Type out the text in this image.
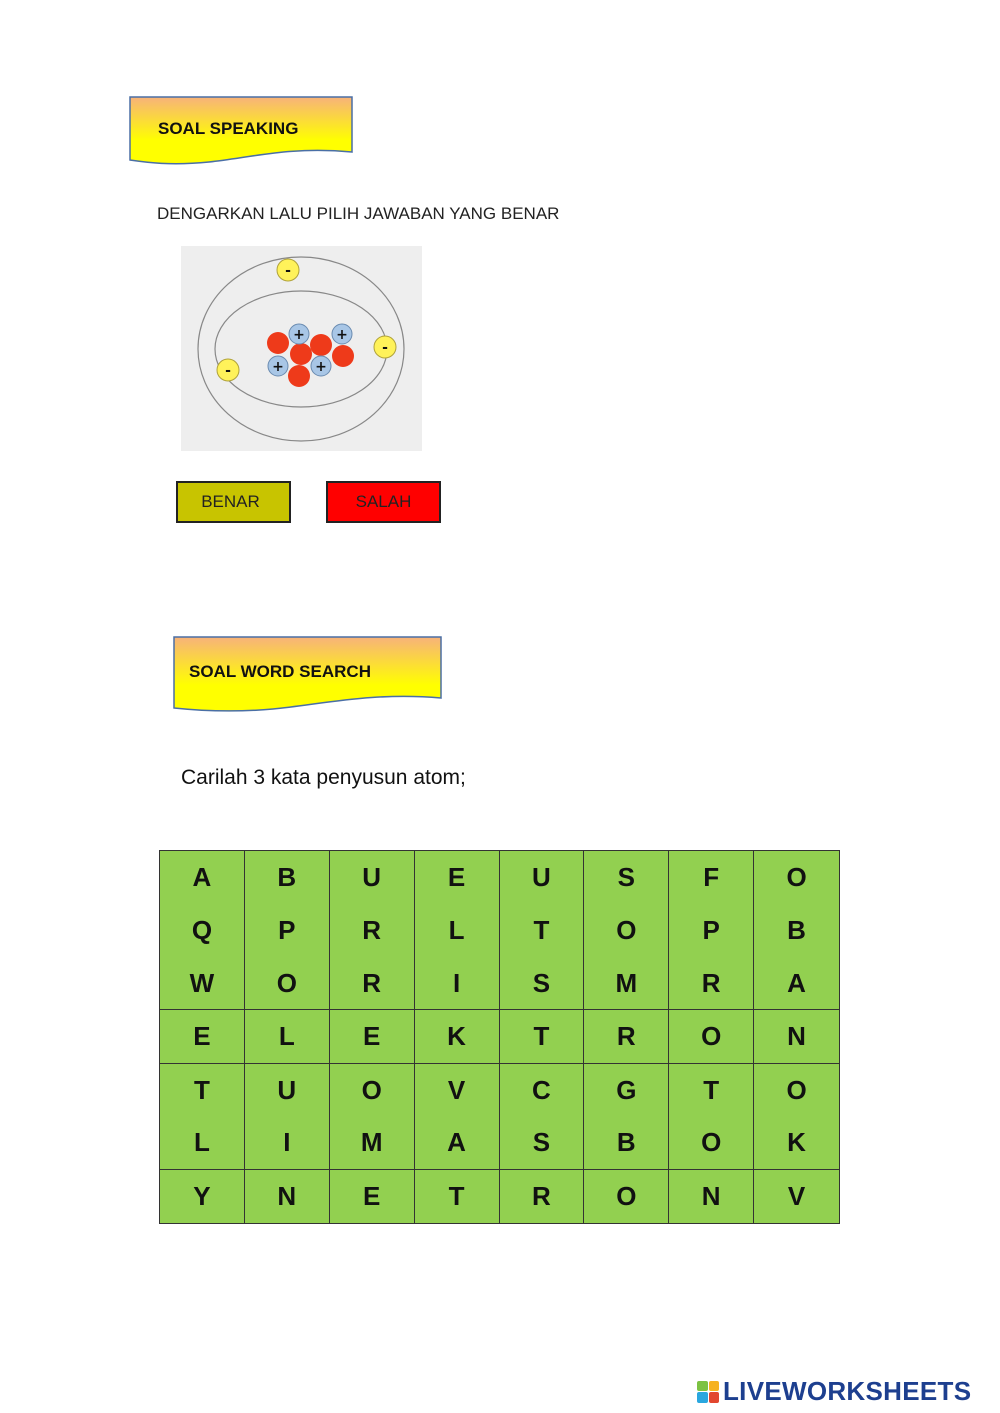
SOAL SPEAKING
DENGARKAN LALU PILIH JAWABAN YANG BENAR
+ +
+ +
-
-
-
BENAR	SALAH
SOAL WORD SEARCH
Carilah 3 kata penyusun atom;
A	B	U	E	U	S	F	O
Q	P	R	L	T	O	P	B
W	O	R	I	S	M	R	A
E	L	E	K	T	R	O	N
T	U	O	V	C	G	T	O
L	I	M	A	S	B	O	K
Y	N	E	T	R	O	N	V
LIVEWORKSHEETS
